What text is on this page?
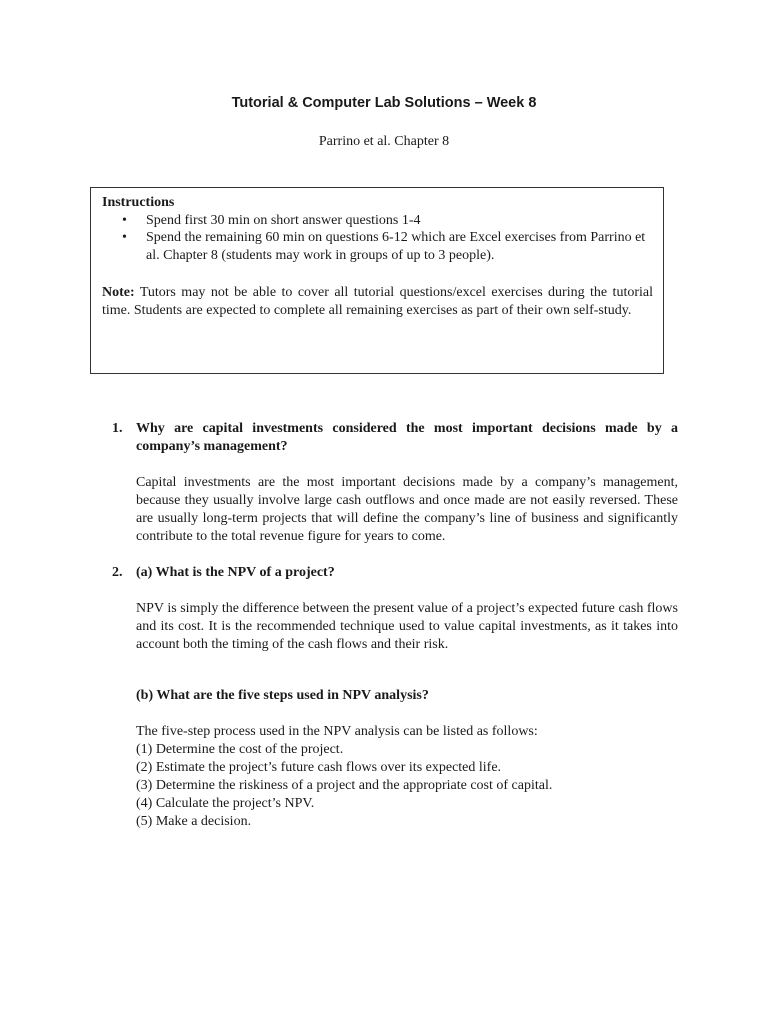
Tutorial & Computer Lab Solutions – Week 8
Parrino et al. Chapter 8
Instructions
• Spend first 30 min on short answer questions 1-4
• Spend the remaining 60 min on questions 6-12 which are Excel exercises from Parrino et al. Chapter 8 (students may work in groups of up to 3 people).
Note: Tutors may not be able to cover all tutorial questions/excel exercises during the tutorial time. Students are expected to complete all remaining exercises as part of their own self-study.
1. Why are capital investments considered the most important decisions made by a company’s management?

Capital investments are the most important decisions made by a company’s management, because they usually involve large cash outflows and once made are not easily reversed. These are usually long-term projects that will define the company’s line of business and significantly contribute to the total revenue figure for years to come.

2. (a) What is the NPV of a project?

NPV is simply the difference between the present value of a project’s expected future cash flows and its cost. It is the recommended technique used to value capital investments, as it takes into account both the timing of the cash flows and their risk.

(b) What are the five steps used in NPV analysis?

The five-step process used in the NPV analysis can be listed as follows:

(1) Determine the cost of the project.
(2) Estimate the project’s future cash flows over its expected life.
(3) Determine the riskiness of a project and the appropriate cost of capital.
(4) Calculate the project’s NPV.
(5) Make a decision.
